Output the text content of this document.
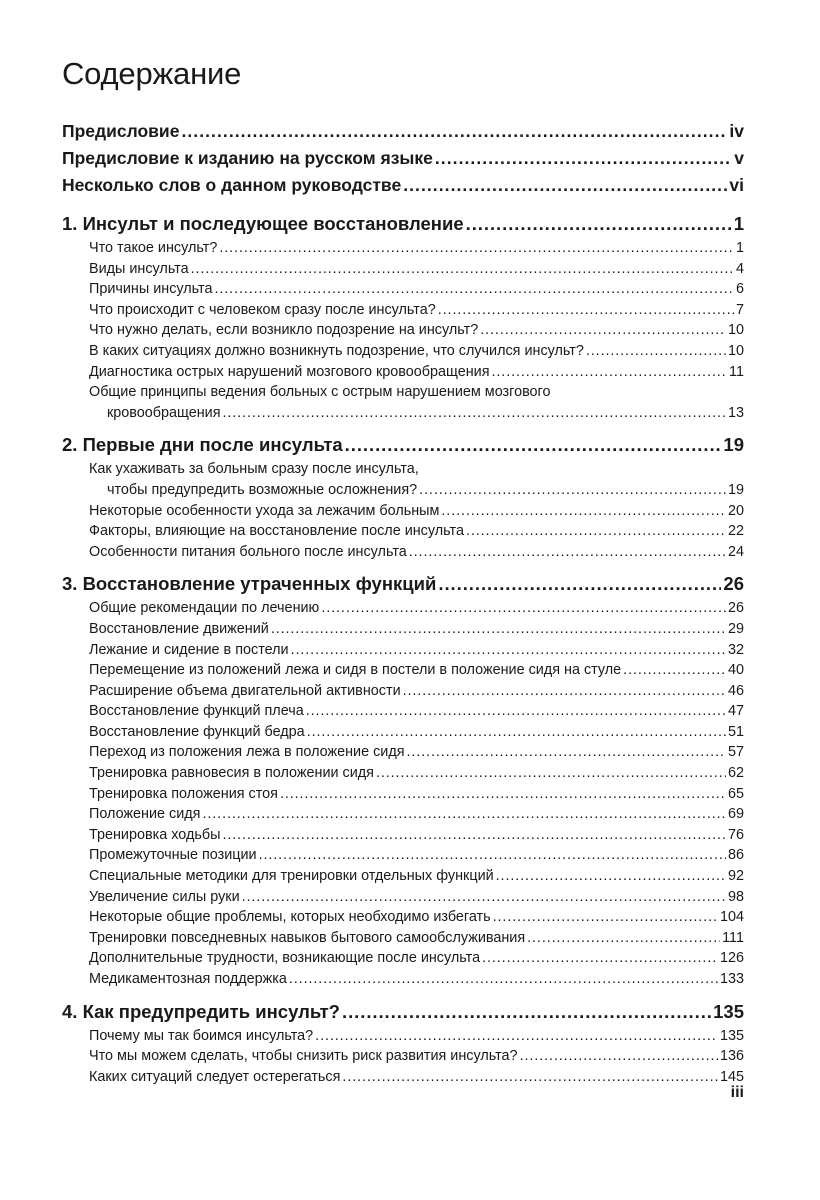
Содержание
Предисловие . . .	iv
Предисловие к изданию на русском языке . . .	v
Несколько слов о данном руководстве . . .	vi
1. Инсульт и последующее восстановление . . .	1
Что такое инсульт? . . .	1
Виды инсульта . . .	4
Причины инсульта . . .	6
Что происходит с человеком сразу после инсульта? . . .	7
Что нужно делать, если возникло подозрение на инсульт? . . .	10
В каких ситуациях должно возникнуть подозрение, что случился инсульт? . . .	10
Диагностика острых нарушений мозгового кровообращения . . .	11
Общие принципы ведения больных с острым нарушением мозгового
кровообращения . . .	13
2. Первые дни после инсульта . . .	19
Как ухаживать за больным сразу после инсульта,
чтобы предупредить возможные осложнения? . . .	19
Некоторые особенности ухода за лежачим больным . . .	20
Факторы, влияющие на восстановление после инсульта . . .	22
Особенности питания больного после инсульта . . .	24
3. Восстановление утраченных функций . . .	26
Общие рекомендации по лечению . . .	26
Восстановление движений . . .	29
Лежание и сидение в постели . . .	32
Перемещение из положений лежа и сидя в постели в положение сидя на стуле . . .	40
Расширение объема двигательной активности . . .	46
Восстановление функций плеча . . .	47
Восстановление функций бедра . . .	51
Переход из положения лежа в положение сидя . . .	57
Тренировка равновесия в положении сидя . . .	62
Тренировка положения стоя . . .	65
Положение сидя . . .	69
Тренировка ходьбы . . .	76
Промежуточные позиции . . .	86
Специальные методики для тренировки отдельных функций . . .	92
Увеличение силы руки . . .	98
Некоторые общие проблемы, которых необходимо избегать . . .	104
Тренировки повседневных навыков бытового самообслуживания . . .	111
Дополнительные трудности, возникающие после инсульта . . .	126
Медикаментозная поддержка . . .	133
4. Как предупредить инсульт? . . .	135
Почему мы так боимся инсульта? . . .	135
Что мы можем сделать, чтобы снизить риск развития инсульта? . . .	136
Каких ситуаций следует остерегаться . . .	145
iii
